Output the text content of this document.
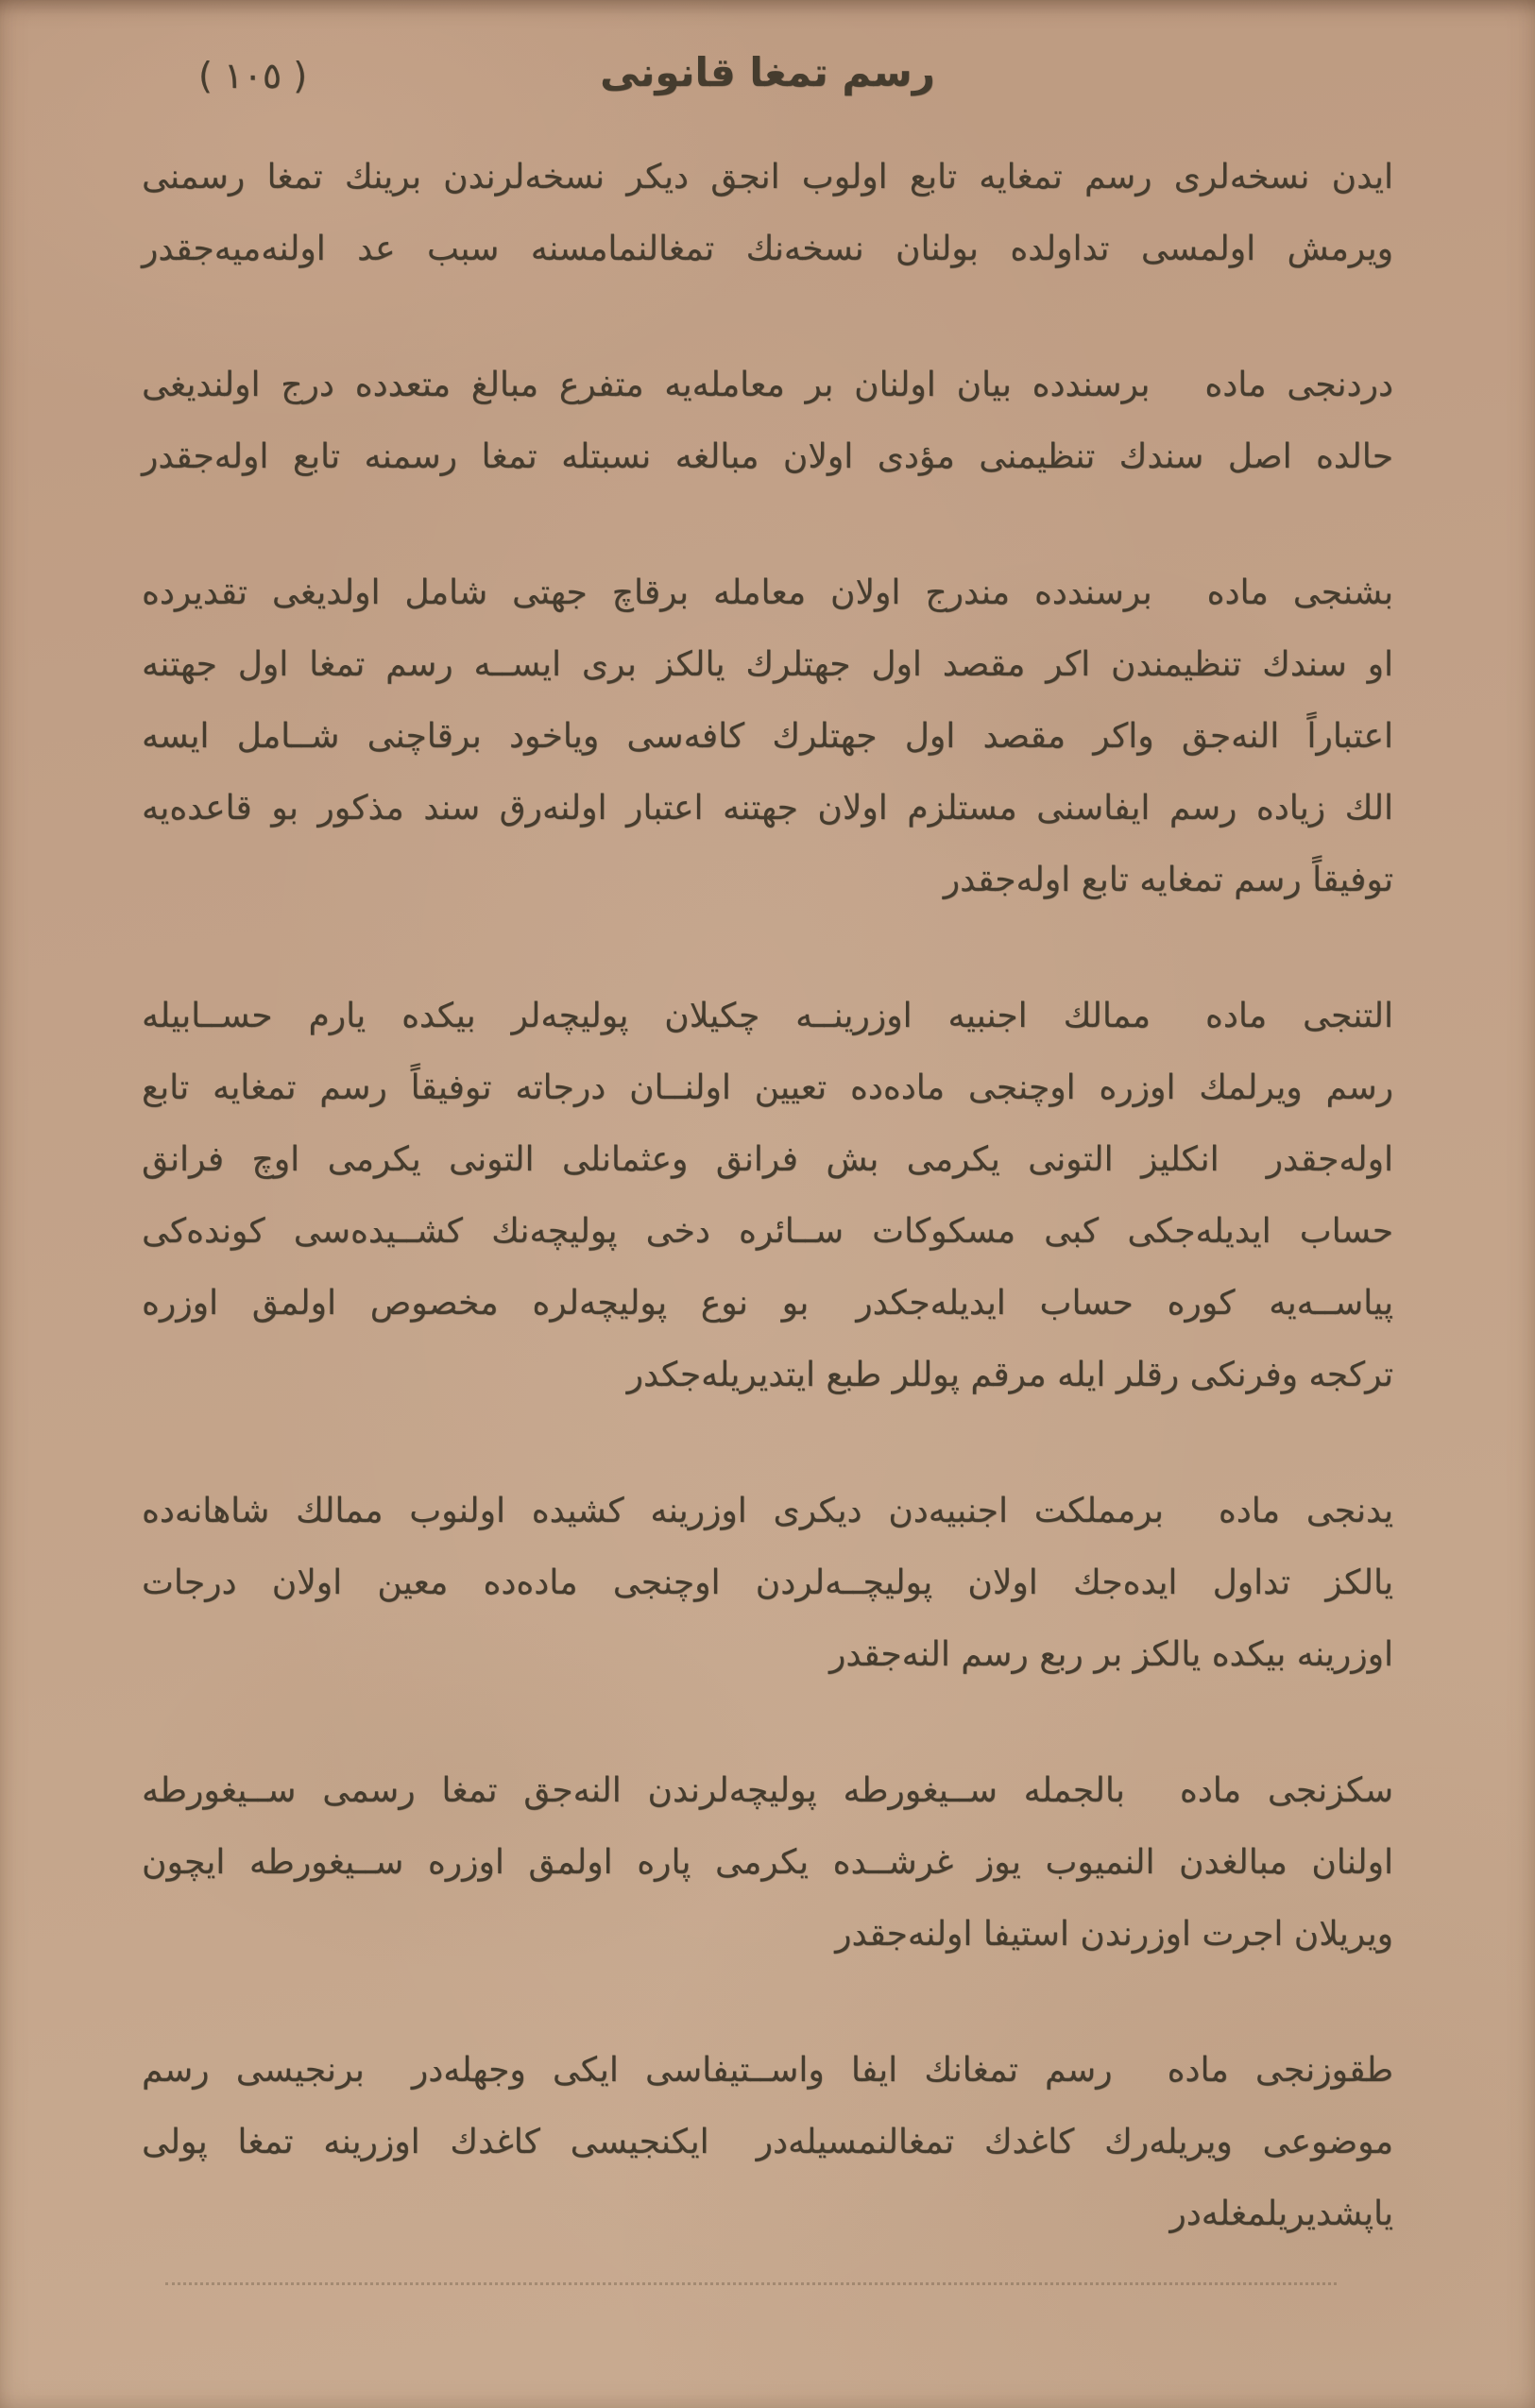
( ١٠٥ )	رسم تمغا قانونى
ايدن نسخه‌لرى رسم تمغايه تابع اولوب انجق ديكر نسخه‌لرندن برينك تمغا رسمنى
ويرمش اولمسى تداولده بولنان نسخه‌نك تمغالنمامسنه سبب عد اولنه‌ميه‌جقدر
دردنجى مادهبرسندده بيان اولنان بر معامله‌يه متفرع مبالغ متعدده درج اولنديغى
حالده اصل سندك تنظيمنى مؤدى اولان مبالغه نسبتله تمغا رسمنه تابع اوله‌جقدر
بشنجى مادهبرسندده مندرج اولان معامله برقاچ جهتى شامل اولديغى تقديرده
او سندك تنظيمندن اكر مقصد اول جهتلرك يالكز برى ايســه رسم تمغا اول جهتنه
اعتباراً النه‌جق واكر مقصد اول جهتلرك كافه‌سى وياخود برقاچنى شــامل ايسه
الك زياده رسم ايفاسنى مستلزم اولان جهتنه اعتبار اولنه‌رق سند مذكور بو قاعده‌يه
توفيقاً رسم تمغايه تابع اوله‌جقدر
التنجى مادهممالك اجنبيه اوزرينــه چكيلان پوليچه‌لر بيكده يارم حســابيله
رسم ويرلمك اوزره اوچنجى ماده‌ده تعيين اولنــان درجاته توفيقاً رسم تمغايه تابع
اوله‌جقدرانكليز التونى يكرمى بش فرانق وعثمانلى التونى يكرمى اوچ فرانق
حساب ايديله‌جكى كبى مسكوكات ســائره دخى پوليچه‌نك كشــيده‌سى كونده‌كى
پياســه‌يه كوره حساب ايديله‌جكدربو نوع پوليچه‌لره مخصوص اولمق اوزره
تركجه وفرنكى رقلر ايله مرقم پوللر طبع ايتديريله‌جكدر
يدنجى مادهبرمملكت اجنبيه‌دن ديكرى اوزرينه كشيده اولنوب ممالك شاهانه‌ده
يالكز تداول ايده‌جك اولان پوليچــه‌لردن اوچنجى ماده‌ده معين اولان درجات
اوزرينه بيكده يالكز بر ربع رسم النه‌جقدر
سكزنجى مادهبالجمله ســيغورطه پوليچه‌لرندن النه‌جق تمغا رسمى ســيغورطه
اولنان مبالغدن النميوب يوز غرشــده يكرمى پاره اولمق اوزره ســيغورطه ايچون
ويريلان اجرت اوزرندن استيفا اولنه‌جقدر
طقوزنجى مادهرسم تمغانك ايفا واســتيفاسى ايكى وجهله‌دربرنجيسى رسم
موضوعى ويريله‌رك كاغدك تمغالنمسيله‌درايكنجيسى كاغدك اوزرينه تمغا پولى
ياپشديريلمغله‌در
